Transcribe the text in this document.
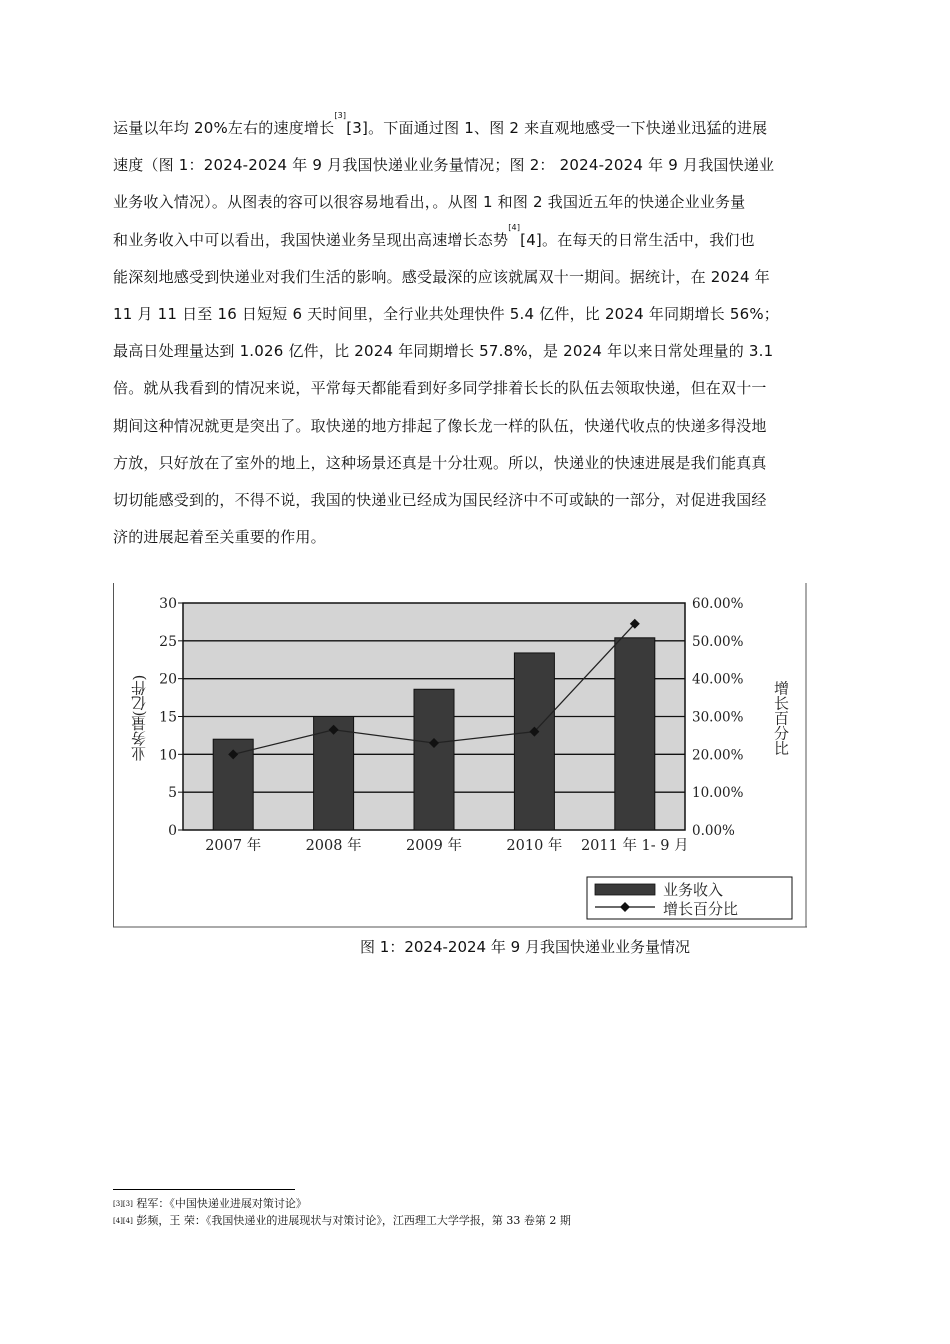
运量以年均 20%左右的速度增长[3][3]。下面通过图 1、图 2 来直观地感受一下快递业迅猛的进展
速度（图 1：2024-2024 年 9 月我国快递业业务量情况；图 2： 2024-2024 年 9 月我国快递业
业务收入情况）。从图表的容可以很容易地看出，。从图 1 和图 2 我国近五年的快递企业业务量
和业务收入中可以看出，我国快递业务呈现出高速增长态势[4][4]。在每天的日常生活中，我们也
能深刻地感受到快递业对我们生活的影响。感受最深的应该就属双十一期间。据统计，在 2024 年
11 月 11 日至 16 日短短 6 天时间里，全行业共处理快件 5.4 亿件，比 2024 年同期增长 56%；
最高日处理量达到 1.026 亿件，比 2024 年同期增长 57.8%，是 2024 年以来日常处理量的 3.1
倍。就从我看到的情况来说，平常每天都能看到好多同学排着长长的队伍去领取快递，但在双十一
期间这种情况就更是突出了。取快递的地方排起了像长龙一样的队伍，快递代收点的快递多得没地
方放，只好放在了室外的地上，这种场景还真是十分壮观。所以，快递业的快速进展是我们能真真
切切能感受到的，不得不说，我国的快递业已经成为国民经济中不可或缺的一部分，对促进我国经
济的进展起着至关重要的作用。
0
5
10
15
20
25
30
0.00%
10.00%
20.00%
30.00%
40.00%
50.00%
60.00%
2007 年	2008 年	2009 年	2010 年 2011 年 1- 9 月
业务量(亿件)	增长百分比
业务收入
增长百分比
图 1：2024-2024 年 9 月我国快递业业务量情况
[3][3] 程军：《中国快递业进展对策讨论》
[4][4] 彭频，王 荣：《我国快递业的进展现状与对策讨论》，江西理工大学学报，第 33 卷第 2 期
